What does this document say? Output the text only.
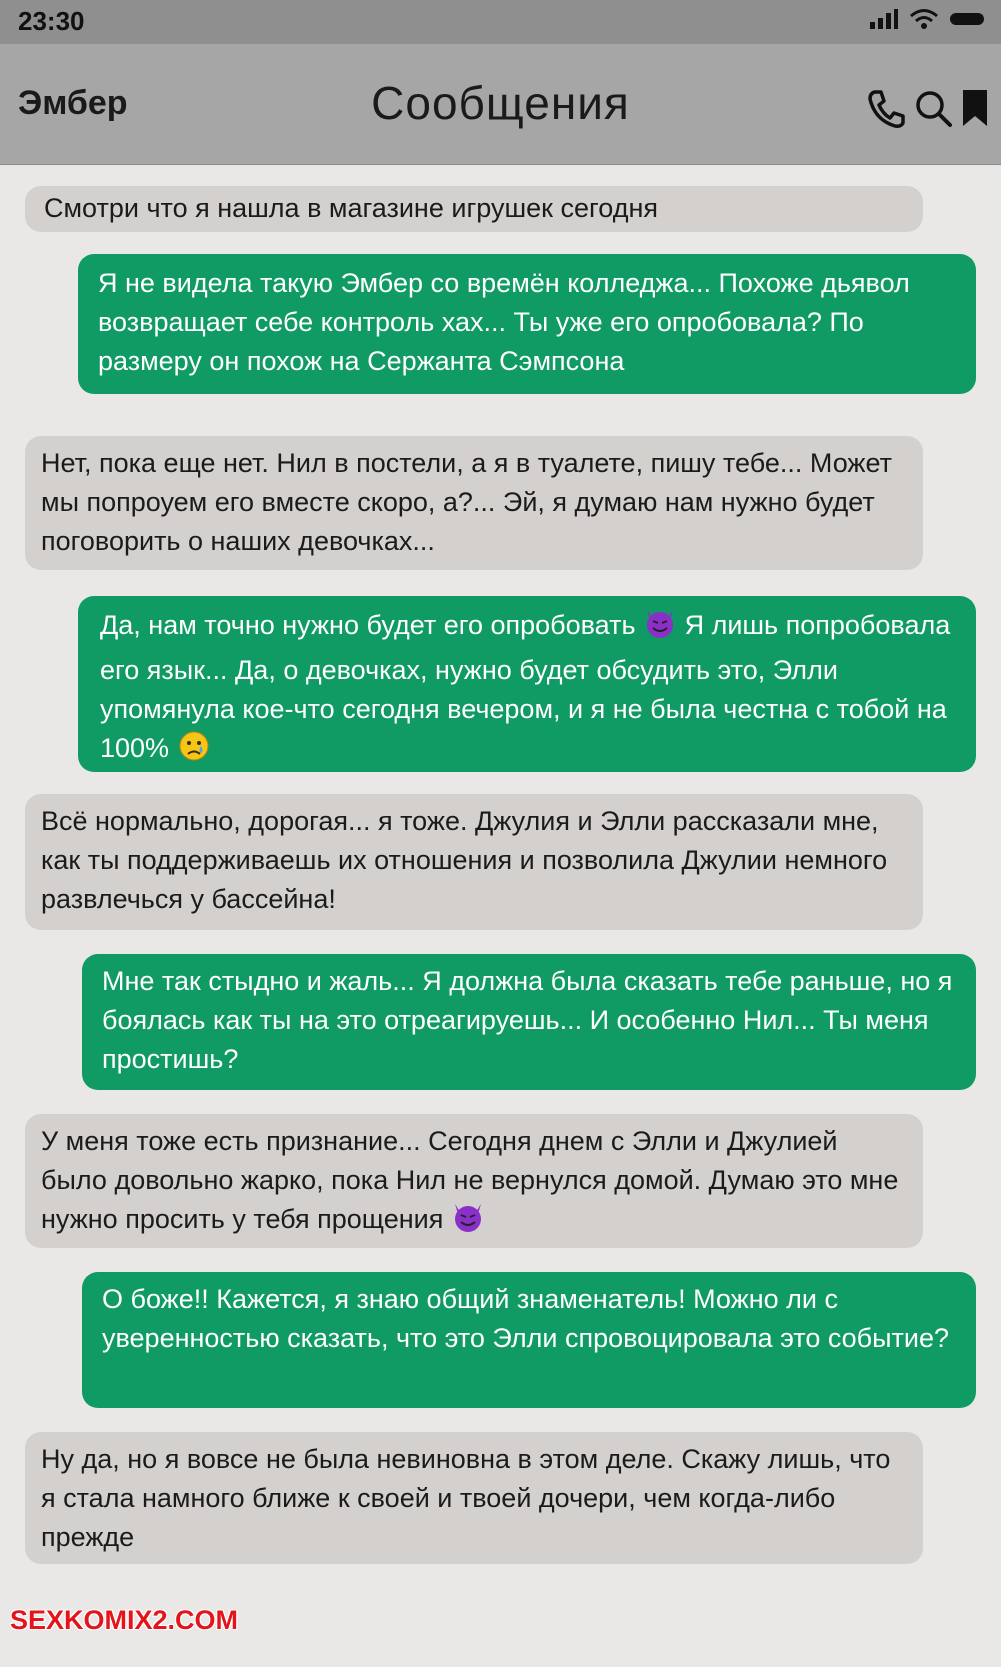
23:30
Эмбер	Сообщения
Смотри что я нашла в магазине игрушек сегодня
Я не видела такую Эмбер со времён колледжа... Похоже дьявол возвращает себе контроль хах... Ты уже его опробовала? По размеру он похож на Сержанта Сэмпсона
Нет, пока еще нет. Нил в постели, а я в туалете, пишу тебе... Может мы попроуем его вместе скоро, а?... Эй, я думаю нам нужно будет поговорить о наших девочках...
Да, нам точно нужно будет его опробовать Я лишь попробовала его язык... Да, о девочках, нужно будет обсудить это, Элли упомянула кое-что сегодня вечером, и я не была честна с тобой на 100%
Всё нормально, дорогая... я тоже. Джулия и Элли рассказали мне, как ты поддерживаешь их отношения и позволила Джулии немного развлечься у бассейна!
Мне так стыдно и жаль... Я должна была сказать тебе раньше, но я боялась как ты на это отреагируешь... И особенно Нил... Ты меня простишь?
У меня тоже есть признание... Сегодня днем с Элли и Джулией было довольно жарко, пока Нил не вернулся домой. Думаю это мне нужно просить у тебя прощения
О боже!! Кажется, я знаю общий знаменатель! Можно ли с уверенностью сказать, что это Элли спровоцировала это событие?
Ну да, но я вовсе не была невиновна в этом деле. Скажу лишь, что я стала намного ближе к своей и твоей дочери, чем когда-либо прежде
SEXKOMIX2.COM
